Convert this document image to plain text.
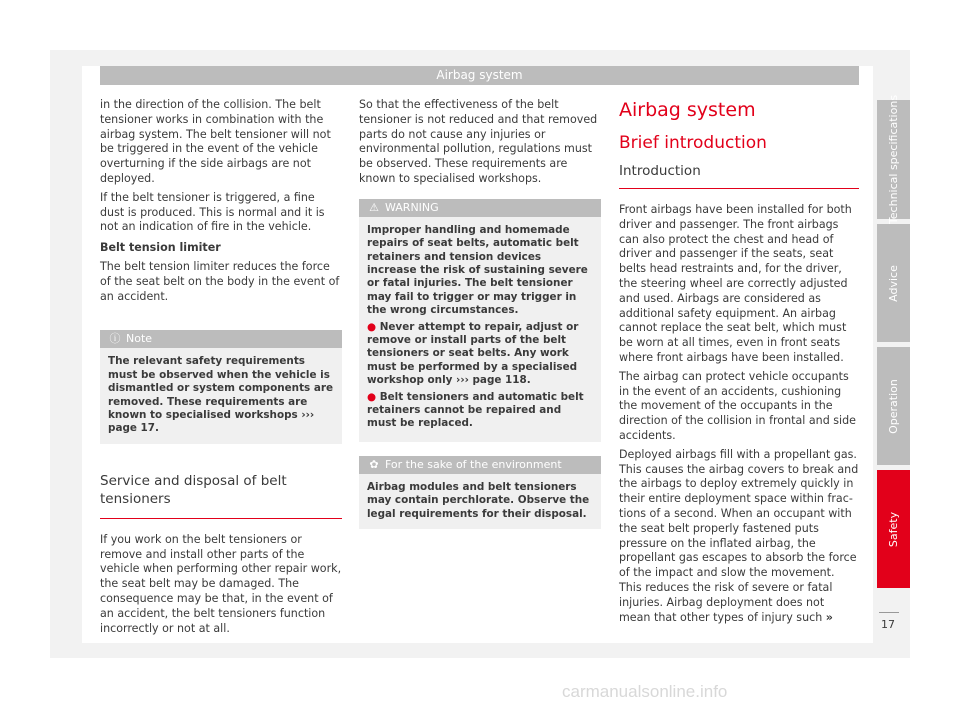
Airbag system

in the direction of the collision. The belt tensioner works in combination with the airbag system. The belt tensioner will not be triggered in the event of the vehicle overturning if the side airbags are not deployed.

If the belt tensioner is triggered, a fine dust is produced. This is normal and it is not an indication of fire in the vehicle.

Belt tension limiter

The belt tension limiter reduces the force of the seat belt on the body in the event of an accident.

ⓘ Note
The relevant safety requirements must be observed when the vehicle is dismantled or system components are removed. These requirements are known to specialised workshops ››› page 17.

Service and disposal of belt tensioners

If you work on the belt tensioners or remove and install other parts of the vehicle when performing other repair work, the seat belt may be damaged. The consequence may be that, in the event of an accident, the belt tensioners function incorrectly or not at all.

So that the effectiveness of the belt tensioner is not reduced and that removed parts do not cause any injuries or environmental pollution, regulations must be observed. These requirements are known to specialised workshops.

⚠ WARNING

Improper handling and homemade repairs of seat belts, automatic belt retainers and tension devices increase the risk of sustaining severe or fatal injuries. The belt tensioner may fail to trigger or may trigger in the wrong circumstances.

● Never attempt to repair, adjust or remove or install parts of the belt tensioners or seat belts. Any work must be performed by a specialised workshop only ››› page 118.

● Belt tensioners and automatic belt retainers cannot be repaired and must be replaced.

✿ For the sake of the environment
Airbag modules and belt tensioners may contain perchlorate. Observe the legal requirements for their disposal.

Airbag system

Brief introduction

Introduction

Front airbags have been installed for both driver and passenger. The front airbags can also protect the chest and head of driver and passenger if the seats, seat belts head restraints and, for the driver, the steering wheel are correctly adjusted and used. Airbags are considered as additional safety equipment. An airbag cannot replace the seat belt, which must be worn at all times, even in front seats where front airbags have been installed.

The airbag can protect vehicle occupants in the event of an accidents, cushioning the movement of the occupants in the direction of the collision in frontal and side accidents.

Deployed airbags fill with a propellant gas. This causes the airbag covers to break and the airbags to deploy extremely quickly in their entire deployment space within fractions of a second. When an occupant with the seat belt properly fastened puts pressure on the inflated airbag, the propellant gas escapes to absorb the force of the impact and slow the movement. This reduces the risk of severe or fatal injuries. Airbag deployment does not mean that other types of injury such »

Technical specifications
Advice
Operation
Safety
17
carmanualsonline.info
